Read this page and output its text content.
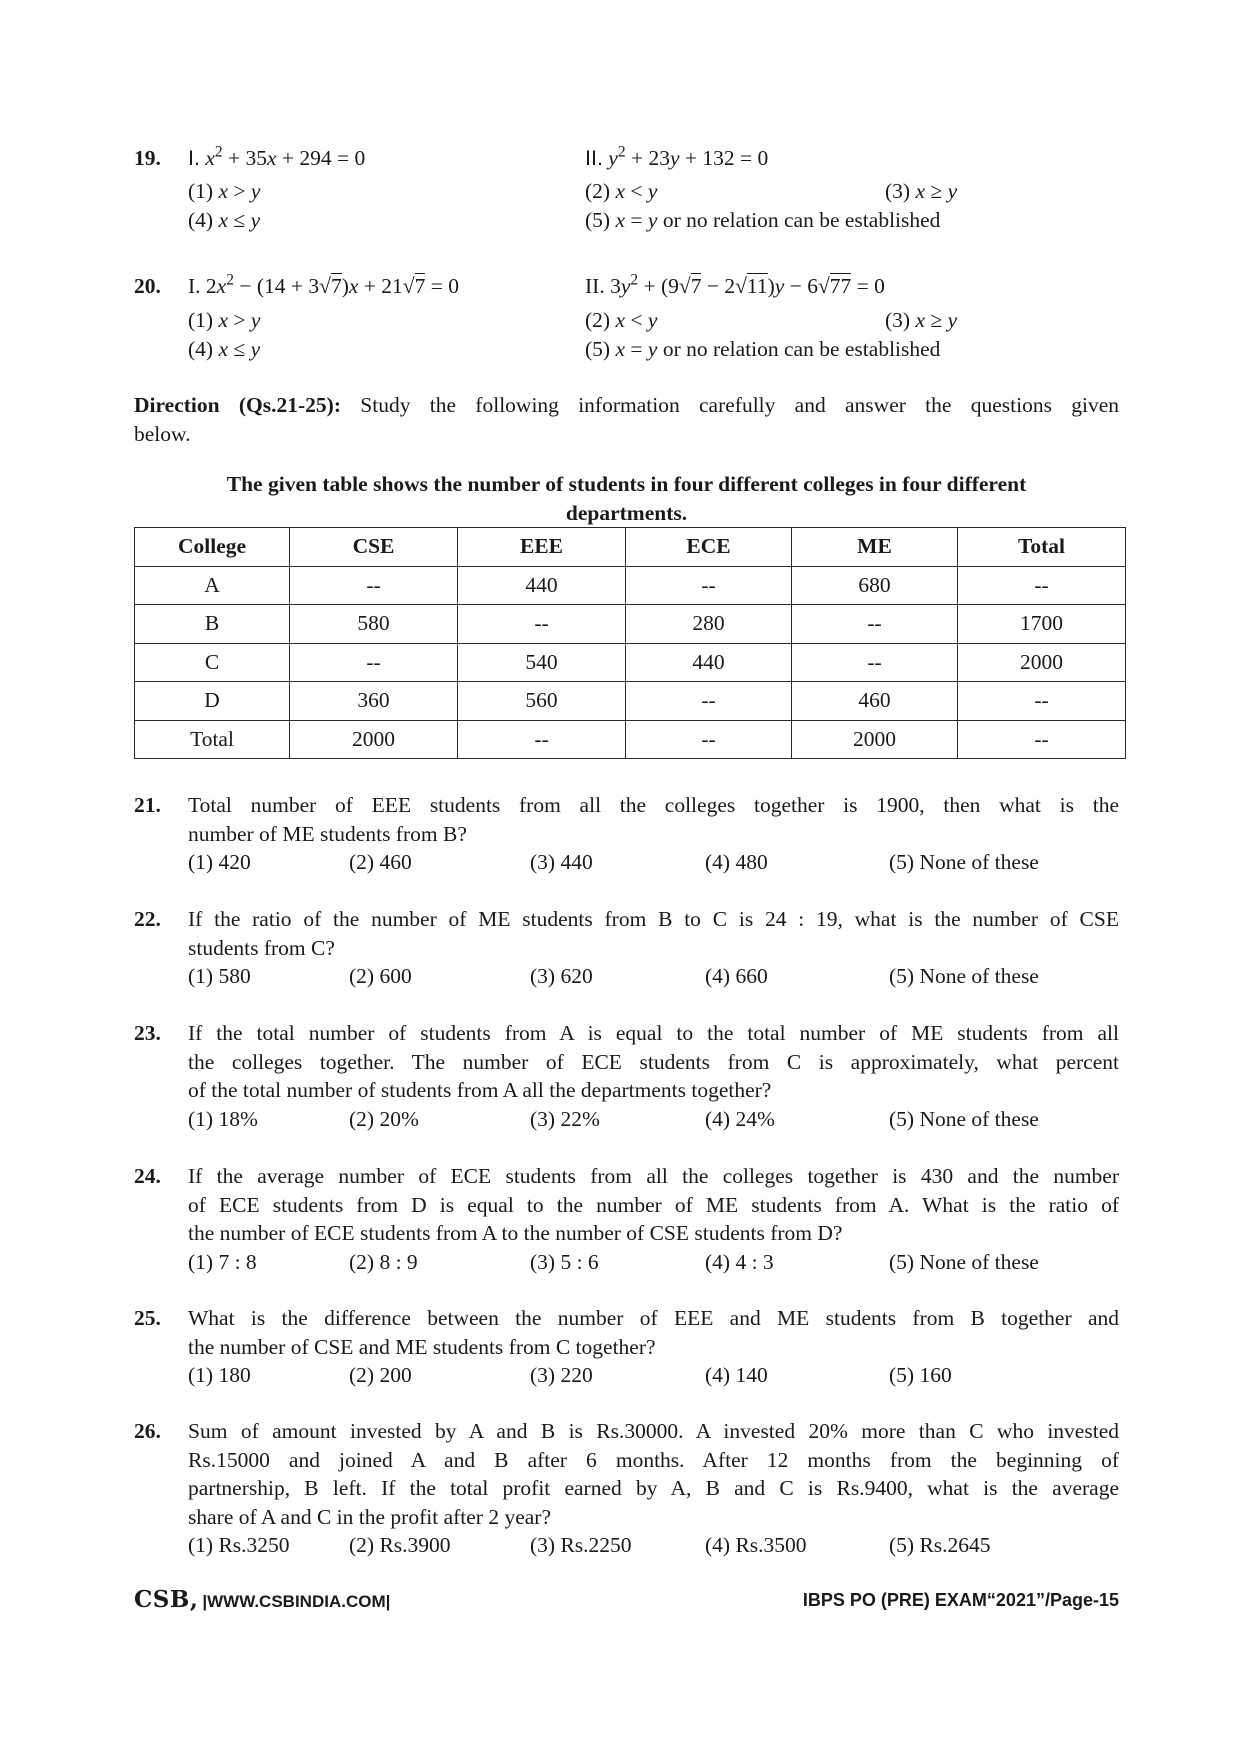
19. I. $x^2 + 35x + 294 = 0$	II. $y^2 + 23y + 132 = 0$
(1) x > y	(2) x < y	(3) x ≥ y
(4) x ≤ y	(5) x = y or no relation can be established
20. I. $2x^2 - (14 + 3√7)x + 21√7 = 0$	II. $3y^2 + (9√7 - 2√11)y - 6√77 = 0$
(1) x > y	(2) x < y	(3) x ≥ y
(4) x ≤ y	(5) x = y or no relation can be established
Direction (Qs.21-25): Study the following information carefully and answer the questions given
below.
The given table shows the number of students in four different colleges in four different
departments.
College	CSE	EEE	ECE	ME	Total
A	--	440	--	680	--
B	580	--	280	--	1700
C	--	540	440	--	2000
D	360	560	--	460	--
Total	2000	--	--	2000	--
21. Total number of EEE students from all the colleges together is 1900, then what is the
number of ME students from B?
(1) 420	(2) 460	(3) 440	(4) 480	(5) None of these
22. If the ratio of the number of ME students from B to C is 24 : 19, what is the number of CSE
students from C?
(1) 580	(2) 600	(3) 620	(4) 660	(5) None of these
23. If the total number of students from A is equal to the total number of ME students from all
the colleges together. The number of ECE students from C is approximately, what percent
of the total number of students from A all the departments together?
(1) 18%	(2) 20%	(3) 22%	(4) 24%	(5) None of these
24. If the average number of ECE students from all the colleges together is 430 and the number
of ECE students from D is equal to the number of ME students from A. What is the ratio of
the number of ECE students from A to the number of CSE students from D?
(1) 7 : 8	(2) 8 : 9	(3) 5 : 6	(4) 4 : 3	(5) None of these
25. What is the difference between the number of EEE and ME students from B together and
the number of CSE and ME students from C together?
(1) 180	(2) 200	(3) 220	(4) 140	(5) 160
26. Sum of amount invested by A and B is Rs.30000. A invested 20% more than C who invested
Rs.15000 and joined A and B after 6 months. After 12 months from the beginning of
partnership, B left. If the total profit earned by A, B and C is Rs.9400, what is the average
share of A and C in the profit after 2 year?
(1) Rs.3250	(2) Rs.3900	(3) Rs.2250	(4) Rs.3500	(5) Rs.2645
CSB, |WWW.CSBINDIA.COM|	IBPS PO (PRE) EXAM“2021”/Page-15
